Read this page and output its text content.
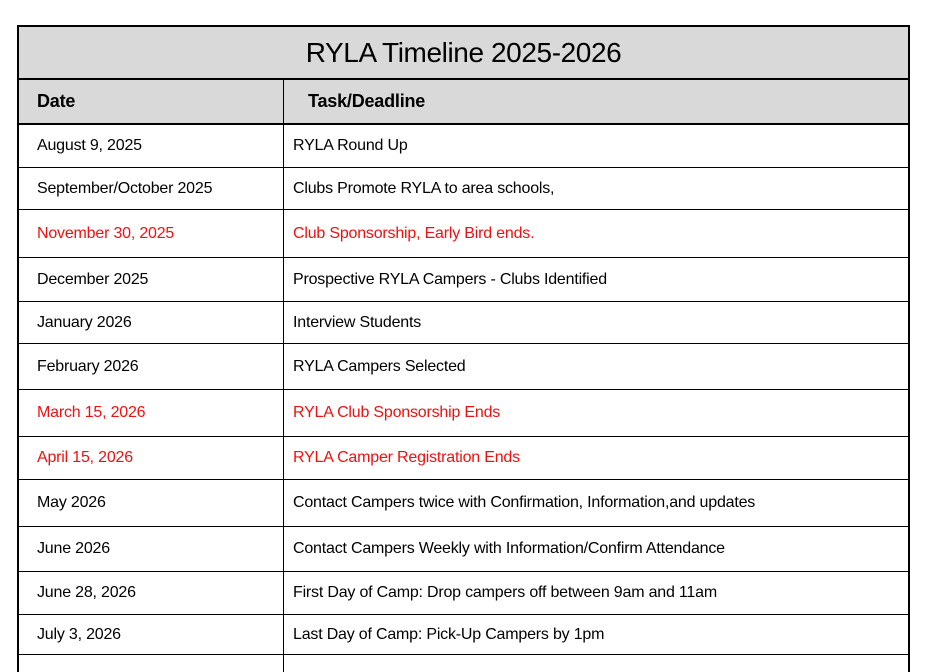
RYLA Timeline 2025-2026
Date	Task/Deadline
August 9, 2025	RYLA Round Up
September/October 2025	Clubs Promote RYLA to area schools,
November 30, 2025	Club Sponsorship, Early Bird ends.
December 2025	Prospective RYLA Campers - Clubs Identified
January 2026	Interview Students
February 2026	RYLA Campers Selected
March 15, 2026	RYLA Club Sponsorship Ends
April 15, 2026	RYLA Camper Registration Ends
May 2026	Contact Campers twice with Confirmation, Information,and updates
June 2026	Contact Campers Weekly with Information/Confirm Attendance
June 28, 2026	First Day of Camp: Drop campers off between 9am and 11am
July 3, 2026	Last Day of Camp: Pick-Up Campers by 1pm
